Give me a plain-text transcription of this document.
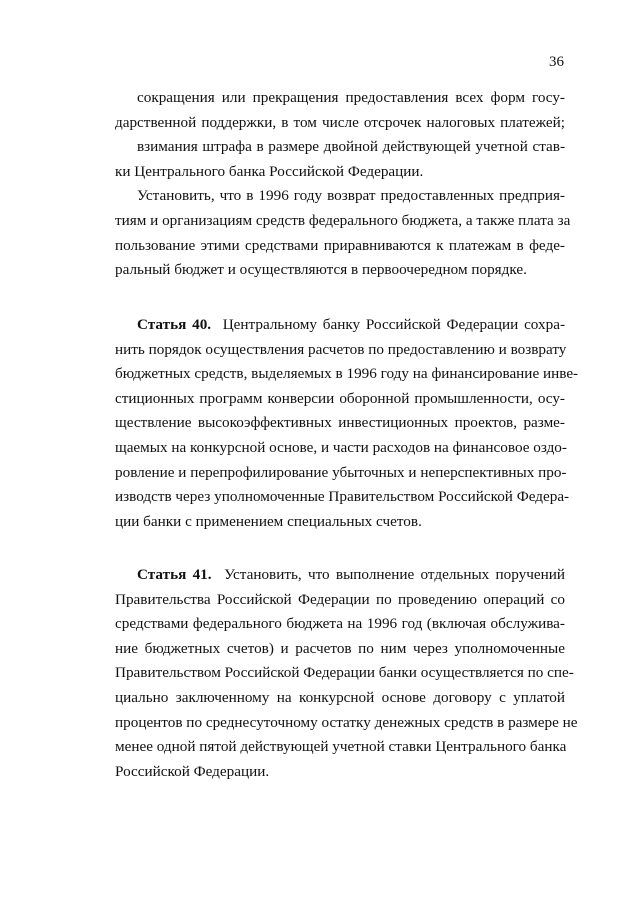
36
сокращения или прекращения предоставления всех форм госу-
дарственной поддержки, в том числе отсрочек налоговых платежей;
взимания штрафа в размере двойной действующей учетной став-
ки Центрального банка Российской Федерации.
Установить, что в 1996 году возврат предоставленных предприя-
тиям и организациям средств федерального бюджета, а также плата за
пользование этими средствами приравниваются к платежам в феде-
ральный бюджет и осуществляются в первоочередном порядке.
Статья 40. Центральному банку Российской Федерации сохра-
нить порядок осуществления расчетов по предоставлению и возврату
бюджетных средств, выделяемых в 1996 году на финансирование инве-
стиционных программ конверсии оборонной промышленности, осу-
ществление высокоэффективных инвестиционных проектов, разме-
щаемых на конкурсной основе, и части расходов на финансовое оздо-
ровление и перепрофилирование убыточных и неперспективных про-
изводств через уполномоченные Правительством Российской Федера-
ции банки с применением специальных счетов.
Статья 41. Установить, что выполнение отдельных поручений
Правительства Российской Федерации по проведению операций со
средствами федерального бюджета на 1996 год (включая обслужива-
ние бюджетных счетов) и расчетов по ним через уполномоченные
Правительством Российской Федерации банки осуществляется по спе-
циально заключенному на конкурсной основе договору с уплатой
процентов по среднесуточному остатку денежных средств в размере не
менее одной пятой действующей учетной ставки Центрального банка
Российской Федерации.
